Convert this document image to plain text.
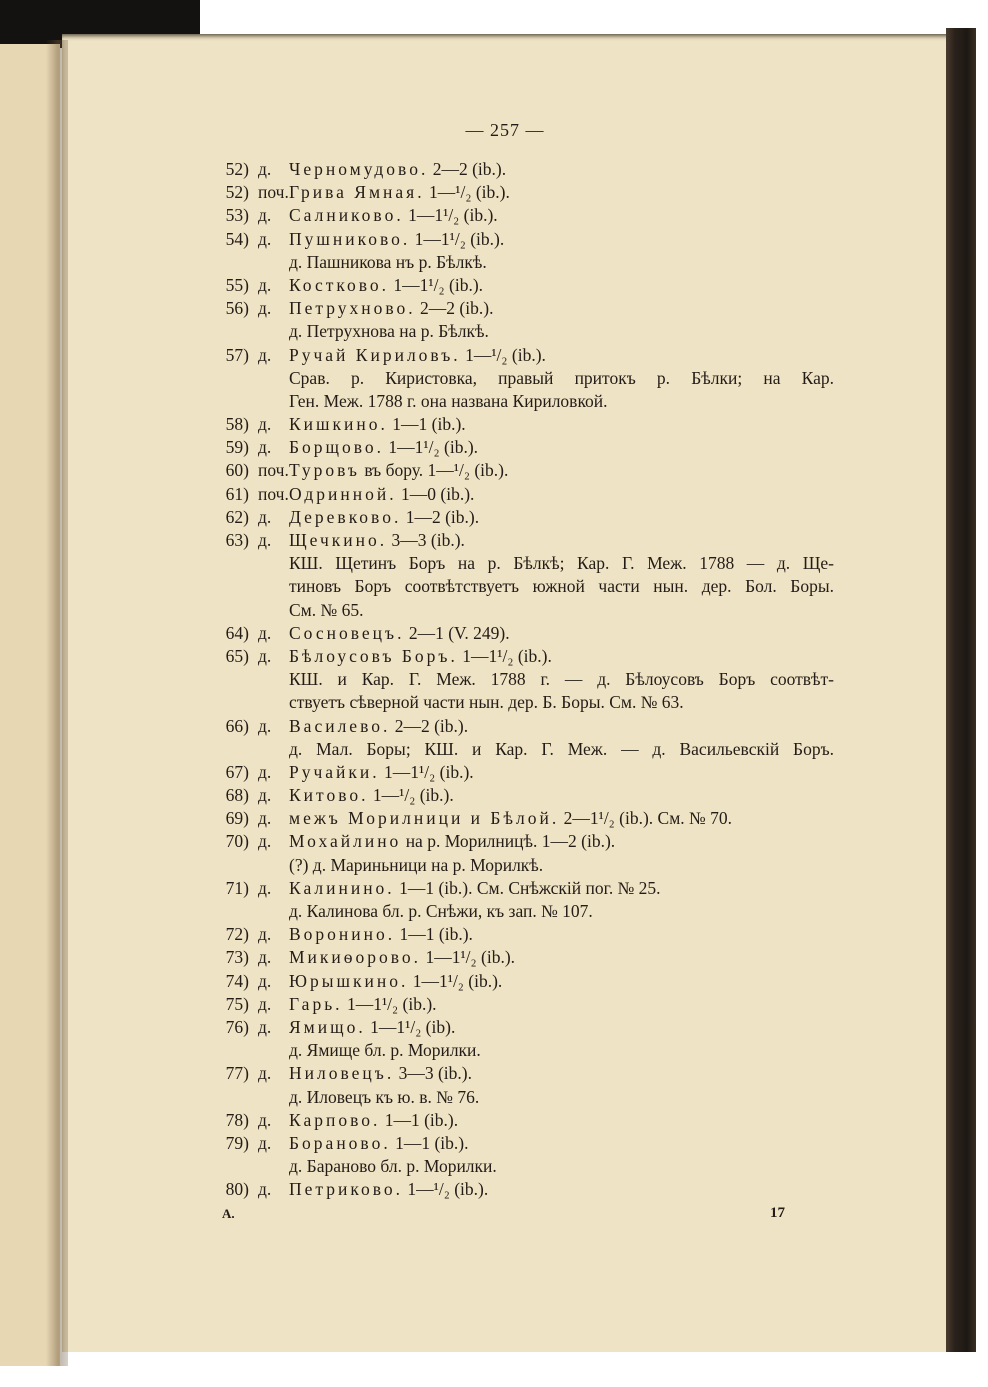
— 257 —
52) д. Черномудово. 2—2 (ib.).
52) поч. Грива Ямная. 1—¹/₂ (ib.).
53) д. Салниково. 1—1¹/₂ (ib.).
54) д. Пушниково. 1—1¹/₂ (ib.).
д. Пашникова нъ р. Бѣлкѣ.
55) д. Костково. 1—1¹/₂ (ib.).
56) д. Петрухново. 2—2 (ib.).
д. Петрухнова на р. Бѣлкѣ.
57) д. Ручай Кириловъ. 1—¹/₂ (ib.).
Срав. р. Киристовка, правый притокъ р. Бѣлки; на Кар.
Ген. Меж. 1788 г. она названа Кириловкой.
58) д. Кишкино. 1—1 (ib.).
59) д. Борщово. 1—1¹/₂ (ib.).
60) поч. Туровъ въ бору. 1—¹/₂ (ib.).
61) поч. Одринной. 1—0 (ib.).
62) д. Деревково. 1—2 (ib.).
63) д. Щечкино. 3—3 (ib.).
КШ. Щетинъ Боръ на р. Бѣлкѣ; Кар. Г. Меж. 1788 — д. Ще-
тиновъ Боръ соотвѣтствуетъ южной части нын. дер. Бол. Боры.
См. № 65.
64) д. Сосновецъ. 2—1 (V. 249).
65) д. Бѣлоусовъ Боръ. 1—1¹/₂ (ib.).
КШ. и Кар. Г. Меж. 1788 г. — д. Бѣлоусовъ Боръ соотвѣт-
ствуетъ сѣверной части нын. дер. Б. Боры. См. № 63.
66) д. Василево. 2—2 (ib.).
д. Мал. Боры; КШ. и Кар. Г. Меж. — д. Васильевскій Боръ.
67) д. Ручайки. 1—1¹/₂ (ib.).
68) д. Китово. 1—¹/₂ (ib.).
69) д. межъ Морилници и Бѣлой. 2—1¹/₂ (ib.). См. № 70.
70) д. Мохайлино на р. Морилницѣ. 1—2 (ib.).
(?) д. Мариньници на р. Морилкѣ.
71) д. Калинино. 1—1 (ib.). См. Снѣжскій пог. № 25.
д. Калинова бл. р. Снѣжи, къ зап. № 107.
72) д. Воронино. 1—1 (ib.).
73) д. Микиѳорово. 1—1¹/₂ (ib.).
74) д. Юрышкино. 1—1¹/₂ (ib.).
75) д. Гарь. 1—1¹/₂ (ib.).
76) д. Ямищо. 1—1¹/₂ (ib).
д. Ямище бл. р. Морилки.
77) д. Ниловецъ. 3—3 (ib.).
д. Иловецъ къ ю. в. № 76.
78) д. Карпово. 1—1 (ib.).
79) д. Бораново. 1—1 (ib.).
д. Бараново бл. р. Морилки.
80) д. Петриково. 1—¹/₂ (ib.).
А.	17
